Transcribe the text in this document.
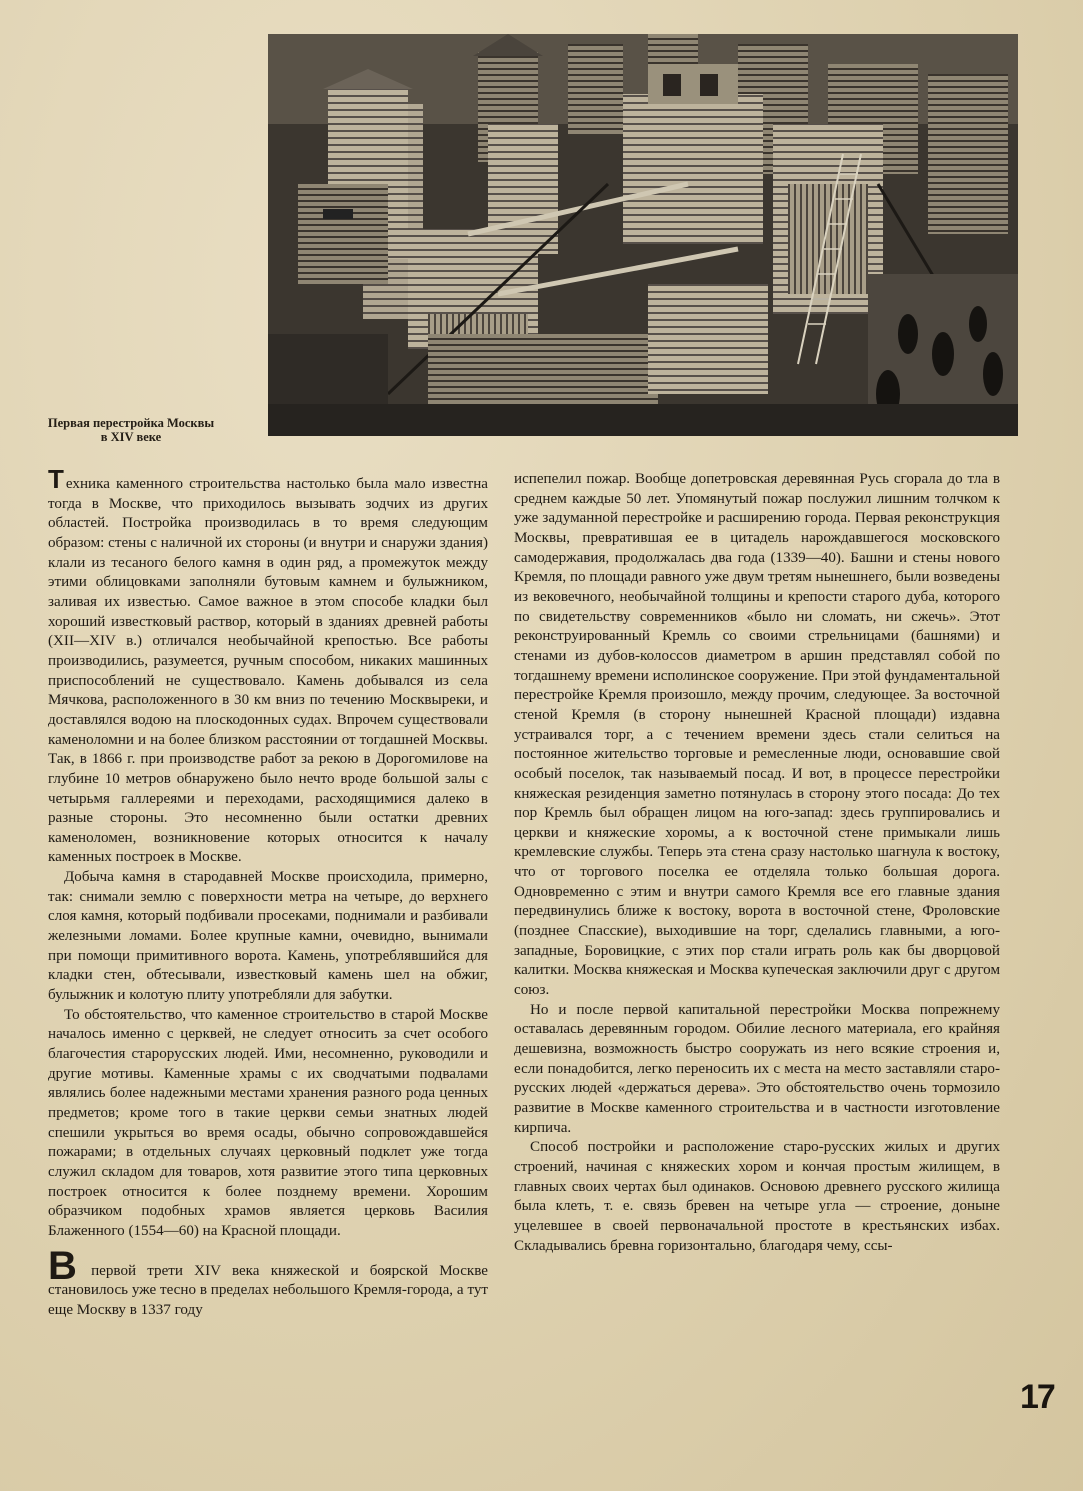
Первая перестройка Москвы
в XIV веке

Техника каменного строительства настолько была мало известна тогда в Москве, что приходилось вызывать зодчих из других областей. Постройка производилась в то время следующим образом: стены с наличной их стороны (и внутри и снаружи здания) клали из тесаного белого камня в один ряд, а промежуток между этими облицовками заполняли бутовым камнем и булыжником, заливая их известью. Самое важное в этом способе кладки был хороший известковый раствор, который в зданиях древней работы (XII—XIV в.) отличался необычайной крепостью. Все работы производились, разумеется, ручным способом, никаких машинных приспособлений не существовало. Камень добывался из села Мячкова, расположенного в 30 км вниз по течению Москвыреки, и доставлялся водою на плоскодонных судах. Впрочем существовали каменоломни и на более близком расстоянии от тогдашней Москвы. Так, в 1866 г. при производстве работ за рекою в Дорогомилове на глубине 10 метров обнаружено было нечто вроде большой залы с четырьмя галлереями и переходами, расходящимися далеко в разные стороны. Это несомненно были остатки древних каменоломен, возникновение которых относится к началу каменных построек в Москве.

Добыча камня в стародавней Москве происходила, примерно, так: снимали землю с поверхности метра на четыре, до верхнего слоя камня, который подбивали просеками, поднимали и разбивали железными ломами. Более крупные камни, очевидно, вынимали при помощи примитивного ворота. Камень, употреблявшийся для кладки стен, обтесывали, известковый камень шел на обжиг, булыжник и колотую плиту употребляли для забутки.

То обстоятельство, что каменное строительство в старой Москве началось именно с церквей, не следует относить за счет особого благочестия старорусских людей. Ими, несомненно, руководили и другие мотивы. Каменные храмы с их сводчатыми подвалами являлись более надежными местами хранения разного рода ценных предметов; кроме того в такие церкви семьи знатных людей спешили укрыться во время осады, обычно сопровождавшейся пожарами; в отдельных случаях церковный подклет уже тогда служил складом для товаров, хотя развитие этого типа церковных построек относится к более позднему времени. Хорошим образчиком подобных храмов является церковь Василия Блаженного (1554—60) на Красной площади.

В первой трети XIV века княжеской и боярской Москве становилось уже тесно в пределах небольшого Кремля-города, а тут еще Москву в 1337 году

испепелил пожар. Вообще допетровская деревянная Русь сгорала до тла в среднем каждые 50 лет. Упомянутый пожар послужил лишним толчком к уже задуманной перестройке и расширению города. Первая реконструкция Москвы, превратившая ее в цитадель нарождавшегося московского самодержавия, продолжалась два года (1339—40). Башни и стены нового Кремля, по площади равного уже двум третям нынешнего, были возведены из вековечного, необычайной толщины и крепости старого дуба, которого по свидетельству современников «было ни сломать, ни сжечь». Этот реконструированный Кремль со своими стрельницами (башнями) и стенами из дубов-колоссов диаметром в аршин представлял собой по тогдашнему времени исполинское сооружение. При этой фундаментальной перестройке Кремля произошло, между прочим, следующее. За восточной стеной Кремля (в сторону нынешней Красной площади) издавна устраивался торг, а с течением времени здесь стали селиться на постоянное жительство торговые и ремесленные люди, основавшие свой особый поселок, так называемый посад. И вот, в процессе перестройки княжеская резиденция заметно потянулась в сторону этого посада: До тех пор Кремль был обращен лицом на юго-запад: здесь группировались и церкви и княжеские хоромы, а к восточной стене примыкали лишь кремлевские службы. Теперь эта стена сразу настолько шагнула к востоку, что от торгового поселка ее отделяла только большая дорога. Одновременно с этим и внутри самого Кремля все его главные здания передвинулись ближе к востоку, ворота в восточной стене, Фроловские (позднее Спасские), выходившие на торг, сделались главными, а юго-западные, Боровицкие, с этих пор стали играть роль как бы дворцовой калитки. Москва княжеская и Москва купеческая заключили друг с другом союз.

Но и после первой капитальной перестройки Москва попрежнему оставалась деревянным городом. Обилие лесного материала, его крайняя дешевизна, возможность быстро сооружать из него всякие строения и, если понадобится, легко переносить их с места на место заставляли старо-русских людей «держаться дерева». Это обстоятельство очень тормозило развитие в Москве каменного строительства и в частности изготовление кирпича.

Способ постройки и расположение старо-русских жилых и других строений, начиная с княжеских хором и кончая простым жилищем, в главных своих чертах был одинаков. Основою древнего русского жилища была клеть, т. е. связь бревен на четыре угла — строение, доныне уцелевшее в своей первоначальной простоте в крестьянских избах. Складывались бревна горизонтально, благодаря чему, ссы-

17
